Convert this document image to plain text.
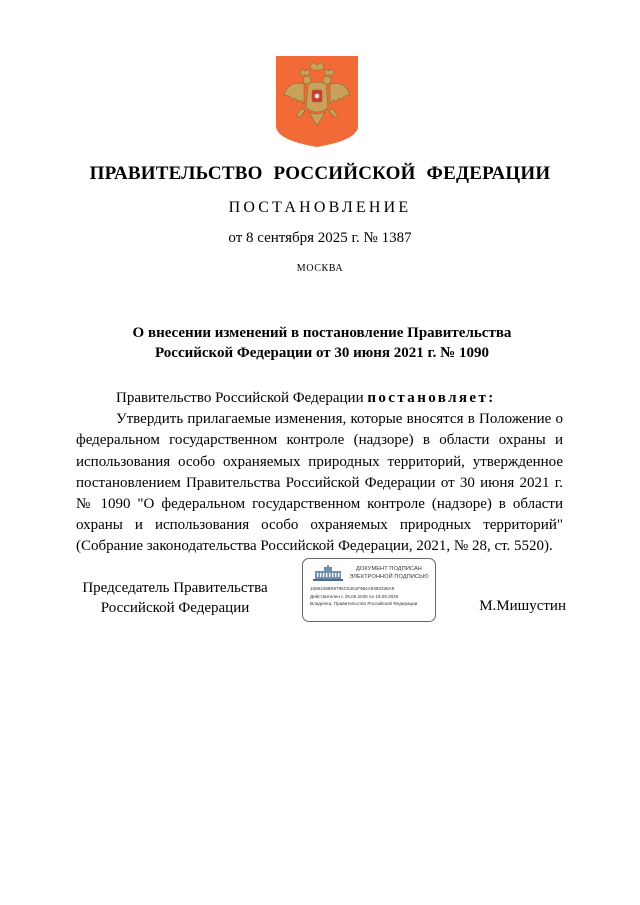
ПРАВИТЕЛЬСТВО РОССИЙСКОЙ ФЕДЕРАЦИИ
ПОСТАНОВЛЕНИЕ
от 8 сентября 2025 г. № 1387
МОСКВА
О внесении изменений в постановление Правительства
Российской Федерации от 30 июня 2021 г. № 1090

Правительство Российской Федерации постановляет:

Утвердить прилагаемые изменения, которые вносятся в Положение о федеральном государственном контроле (надзоре) в области охраны и использования особо охраняемых природных территорий, утвержденное постановлением Правительства Российской Федерации от 30 июня 2021 г. № 1090 "О федеральном государственном контроле (надзоре) в области охраны и использования особо охраняемых природных территорий" (Собрание законодательства Российской Федерации, 2021, № 28, ст. 5520).

Председатель Правительства
Российской Федерации
ДОКУМЕНТ ПОДПИСАН
ЭЛЕКТРОННОЙ ПОДПИСЬЮ
16662468E9795C5451F984A9480338A9
Действителен с 26.06.2025 по 19.09.2026
Владелец: Правительство Российской Федерации	М.Мишустин
